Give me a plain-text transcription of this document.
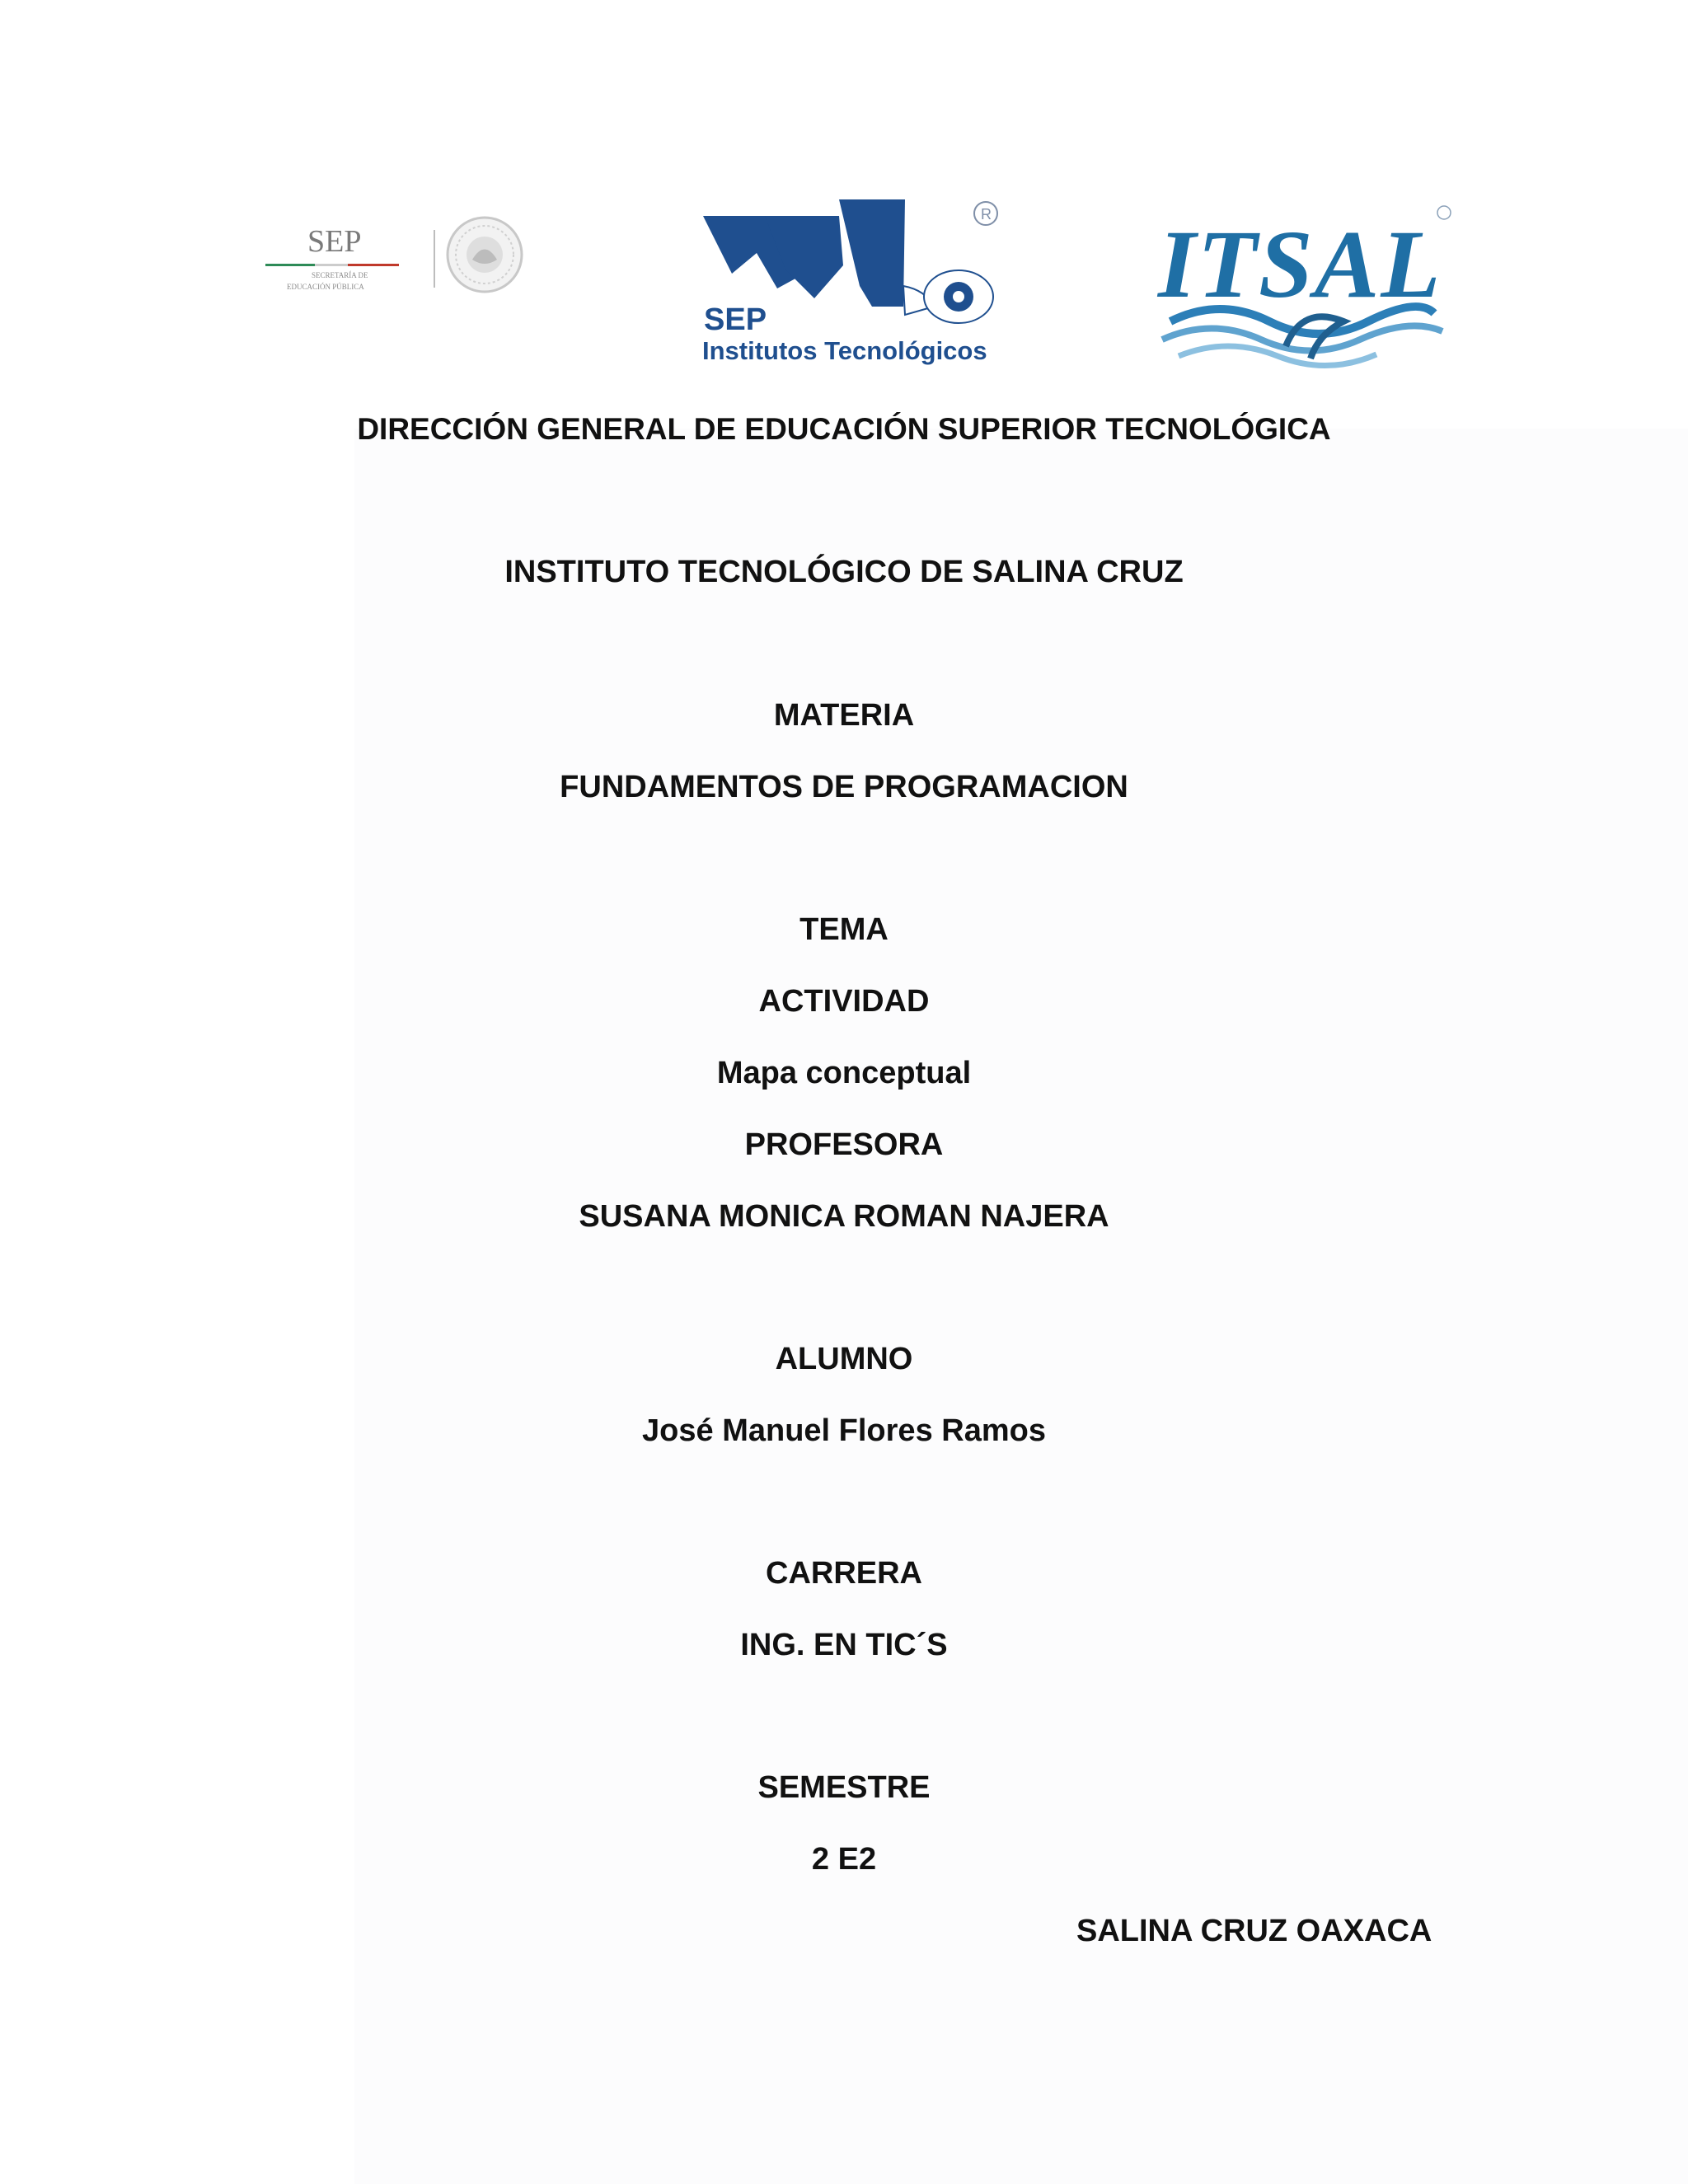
SEP
SECRETARÍA DE
EDUCACIÓN PÚBLICA
R
SEP
Institutos Tecnológicos
ITSAL
DIRECCIÓN GENERAL DE EDUCACIÓN SUPERIOR TECNOLÓGICA
INSTITUTO TECNOLÓGICO DE SALINA CRUZ
MATERIA
FUNDAMENTOS DE PROGRAMACION
TEMA
ACTIVIDAD
Mapa conceptual
PROFESORA
SUSANA MONICA ROMAN NAJERA
ALUMNO
José Manuel Flores Ramos
CARRERA
ING. EN TIC´S
SEMESTRE
2 E2
SALINA CRUZ OAXACA
